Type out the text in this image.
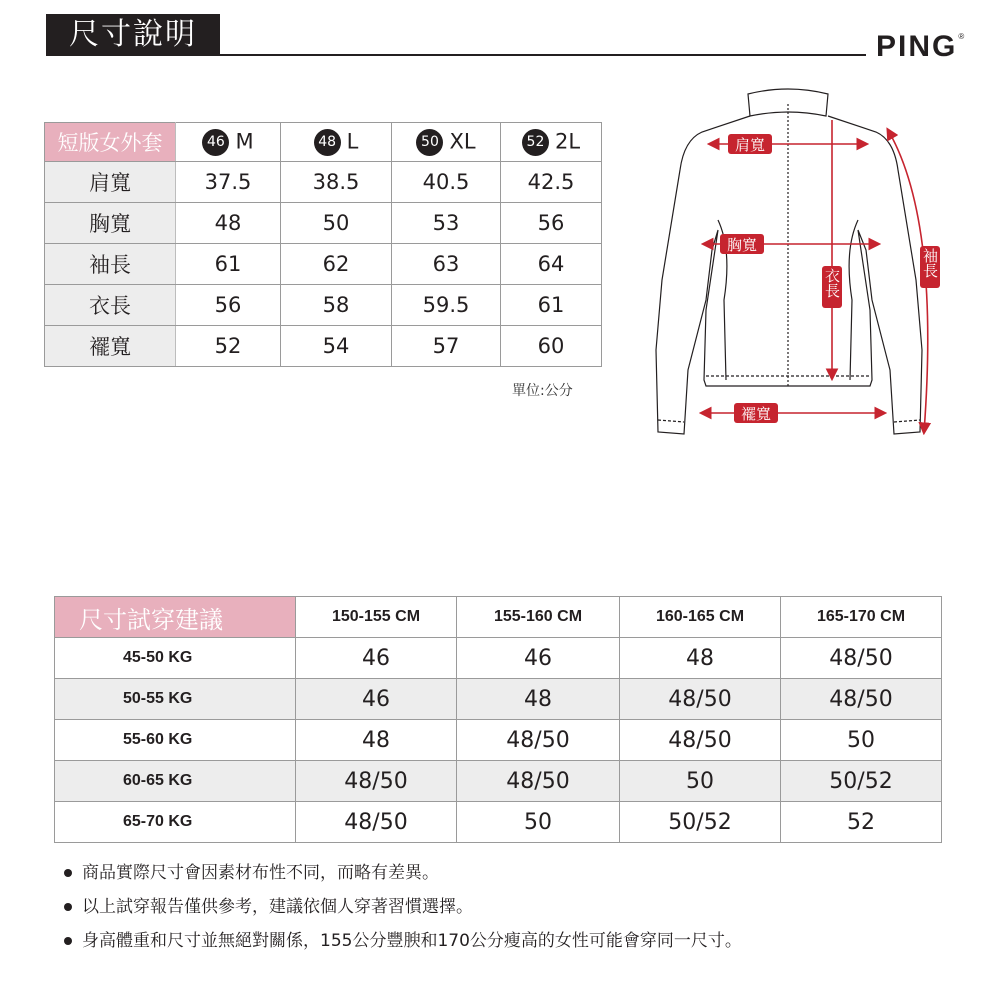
尺寸說明	PING®
短版女外套	46 M	48 L	50 XL	52 2L
肩寬	37.5	38.5	40.5	42.5
胸寬	48	50	53	56
袖長	61	62	63	64
衣長	56	58	59.5	61
襬寬	52	54	57	60
單位:公分
肩寬
胸寬
衣長
袖長
襬寬
尺寸試穿建議	150-155 CM	155-160 CM	160-165 CM	165-170 CM
45-50 KG	46	46	48	48/50
50-55 KG	46	48	48/50	48/50
55-60 KG	48	48/50	48/50	50
60-65 KG	48/50	48/50	50	50/52
65-70 KG	48/50	50	50/52	52
商品實際尺寸會因素材布性不同，而略有差異。
以上試穿報告僅供參考，建議依個人穿著習慣選擇。
身高體重和尺寸並無絕對關係，155公分豐腴和170公分瘦高的女性可能會穿同一尺寸。
